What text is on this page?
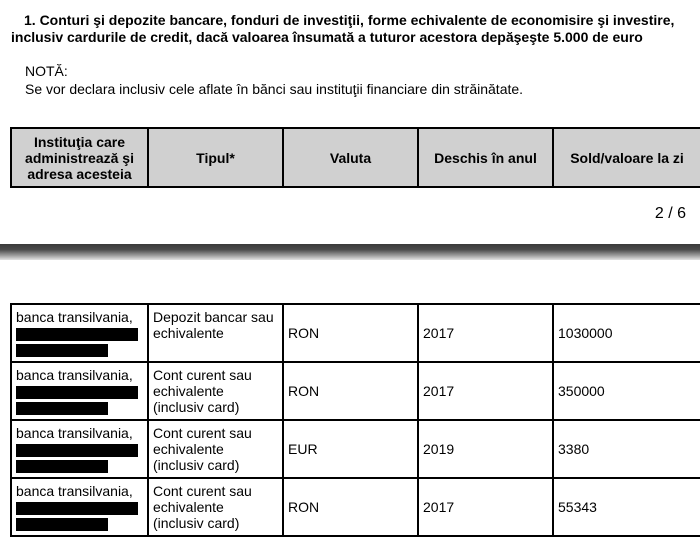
1. Conturi şi depozite bancare, fonduri de investiţii, forme echivalente de economisire şi investire, inclusiv cardurile de credit, dacă valoarea însumată a tuturor acestora depăşeşte 5.000 de euro
NOTĂ:
Se vor declara inclusiv cele aflate în bănci sau instituţii financiare din străinătate.
Instituţia care administrează şi adresa acesteia	Tipul*	Valuta	Deschis în anul	Sold/valoare la zi
2 / 6
banca transilvania,	Depozit bancar sau echivalente	RON	2017	1030000
banca transilvania,	Cont curent sau echivalente (inclusiv card)	RON	2017	350000
banca transilvania,	Cont curent sau echivalente (inclusiv card)	EUR	2019	3380
banca transilvania,	Cont curent sau echivalente (inclusiv card)	RON	2017	55343
